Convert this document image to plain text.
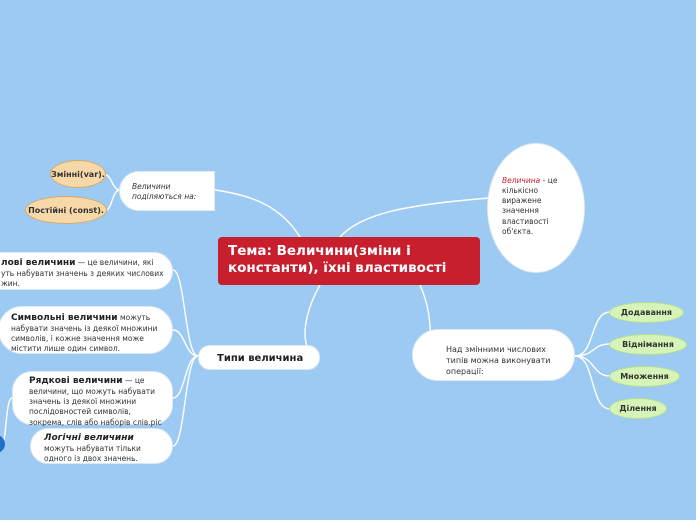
Тема: Величини(зміни і константи), їхні властивості
Величина - це кількісно виражене значення властивості об'єкта.
Величини поділяються на:
Змінні(var).
Постійні (const).
Над змінними числових типів можна виконувати операції:
Додавання
Віднімання
Множення
Ділення
Типи величина
лові величини — це величини, які
уть набувати значень з деяких числових
жин.
Символьні величини можуть набувати значень із деякої множини символів, і кожне значення може містити лише один символ.
Рядкові величини — це величини, що можуть набувати значень із деякої множини послідовностей символів, зокрема, слів або наборів слів.ріс
Логічні величини
можуть набувати тільки одного із двох значень.
